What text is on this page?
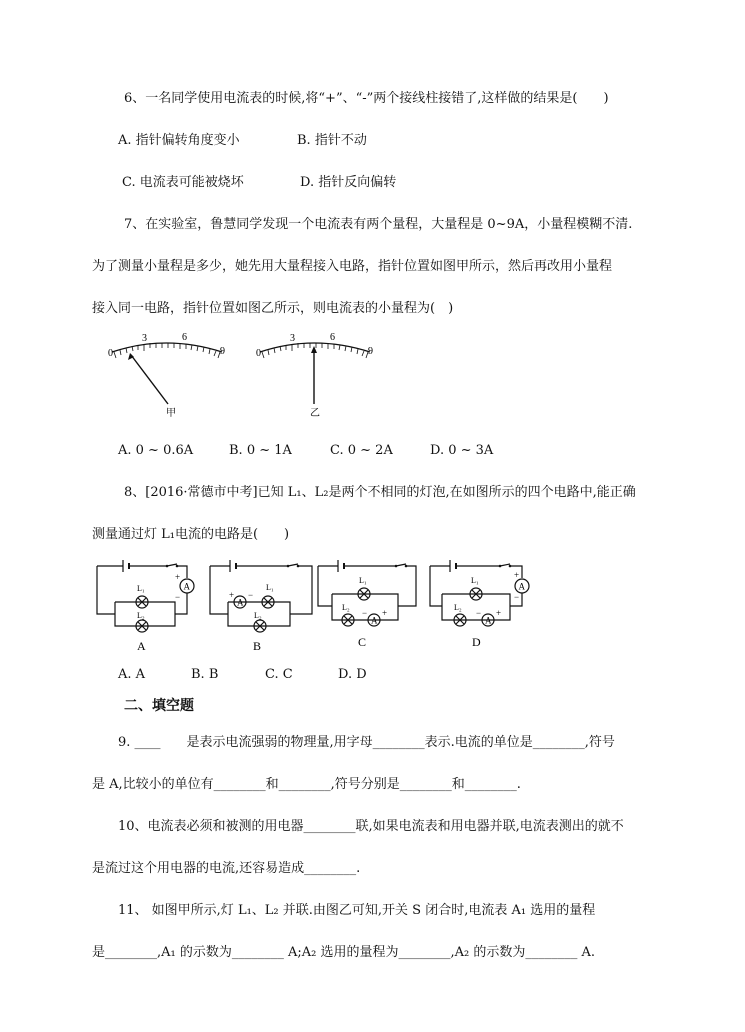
6、一名同学使用电流表的时候,将“+”、“-”两个接线柱接错了,这样做的结果是(　　)
A. 指针偏转角度变小	B. 指针不动
C. 电流表可能被烧坏	D. 指针反向偏转
7、在实验室，鲁慧同学发现一个电流表有两个量程，大量程是 0~9A，小量程模糊不清.
为了测量小量程是多少，她先用大量程接入电路，指针位置如图甲所示，然后再改用小量程
接入同一电路，指针位置如图乙所示，则电流表的小量程为(　)
0
3	6
9
甲
0
3	6
9
乙
A. 0 ~ 0.6A	B. 0 ~ 1A	C. 0 ~ 2A	D. 0 ~ 3A
8、[2016·常德市中考]已知 L₁、L₂是两个不相同的灯泡,在如图所示的四个电路中,能正确
测量通过灯 L₁电流的电路是(　　)
A
+
−
L₁
L₂
A
A
+ −
L₁
L₂
B
A
− +
L₁
L₂
C
A
+
−
A
− +
L₁
L₂
D
A. A	B. B	C. C	D. D
二、填空题
9. ____　　是表示电流强弱的物理量,用字母________表示.电流的单位是________,符号
是 A,比较小的单位有________和________,符号分别是________和________.
10、电流表必须和被测的用电器________联,如果电流表和用电器并联,电流表测出的就不
是流过这个用电器的电流,还容易造成________.
11、 如图甲所示,灯 L₁、L₂ 并联.由图乙可知,开关 S 闭合时,电流表 A₁ 选用的量程
是________,A₁ 的示数为________ A;A₂ 选用的量程为________,A₂ 的示数为________ A.
